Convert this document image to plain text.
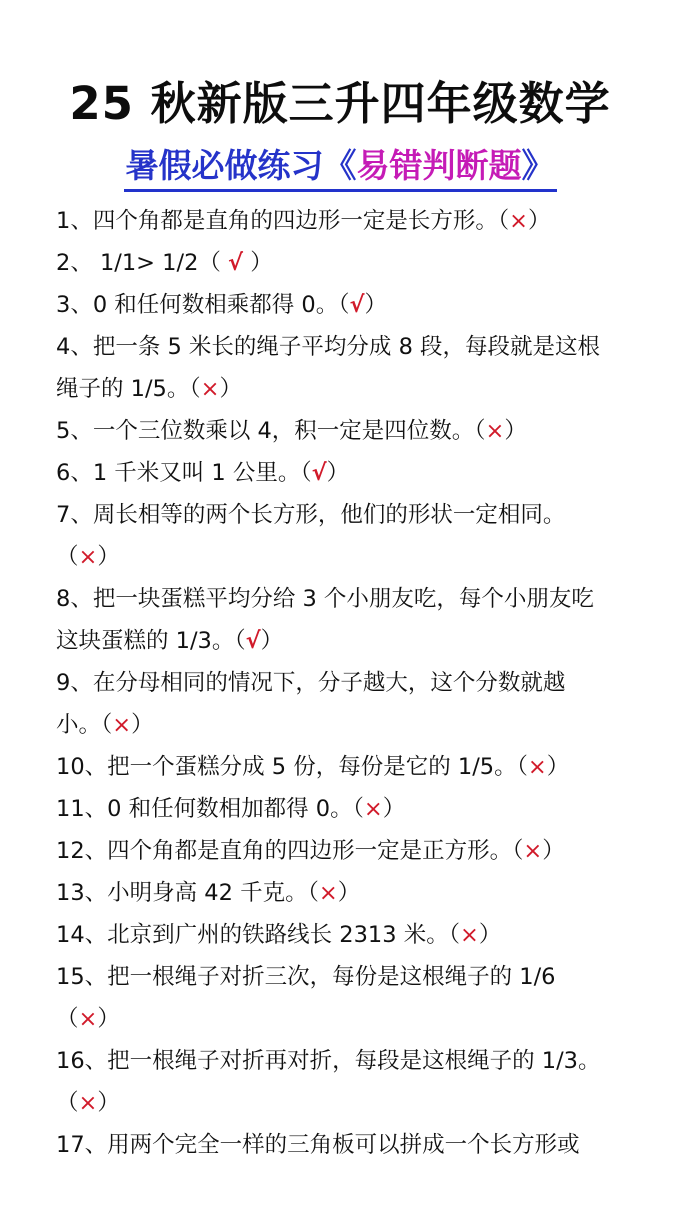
25 秋新版三升四年级数学
暑假必做练习《易错判断题》
1、四个角都是直角的四边形一定是长方形。（×）
2、 1/1> 1/2（ √ ）
3、0 和任何数相乘都得 0。（√）
4、把一条 5 米长的绳子平均分成 8 段，每段就是这根
绳子的 1/5。（×）
5、一个三位数乘以 4，积一定是四位数。（×）
6、1 千米又叫 1 公里。（√）
7、周长相等的两个长方形，他们的形状一定相同。
（×）
8、把一块蛋糕平均分给 3 个小朋友吃，每个小朋友吃
这块蛋糕的 1/3。（√）
9、在分母相同的情况下，分子越大，这个分数就越
小。（×）
10、把一个蛋糕分成 5 份，每份是它的 1/5。（×）
11、0 和任何数相加都得 0。（×）
12、四个角都是直角的四边形一定是正方形。（×）
13、小明身高 42 千克。（×）
14、北京到广州的铁路线长 2313 米。（×）
15、把一根绳子对折三次，每份是这根绳子的 1/6
（×）
16、把一根绳子对折再对折，每段是这根绳子的 1/3。
（×）
17、用两个完全一样的三角板可以拼成一个长方形或
